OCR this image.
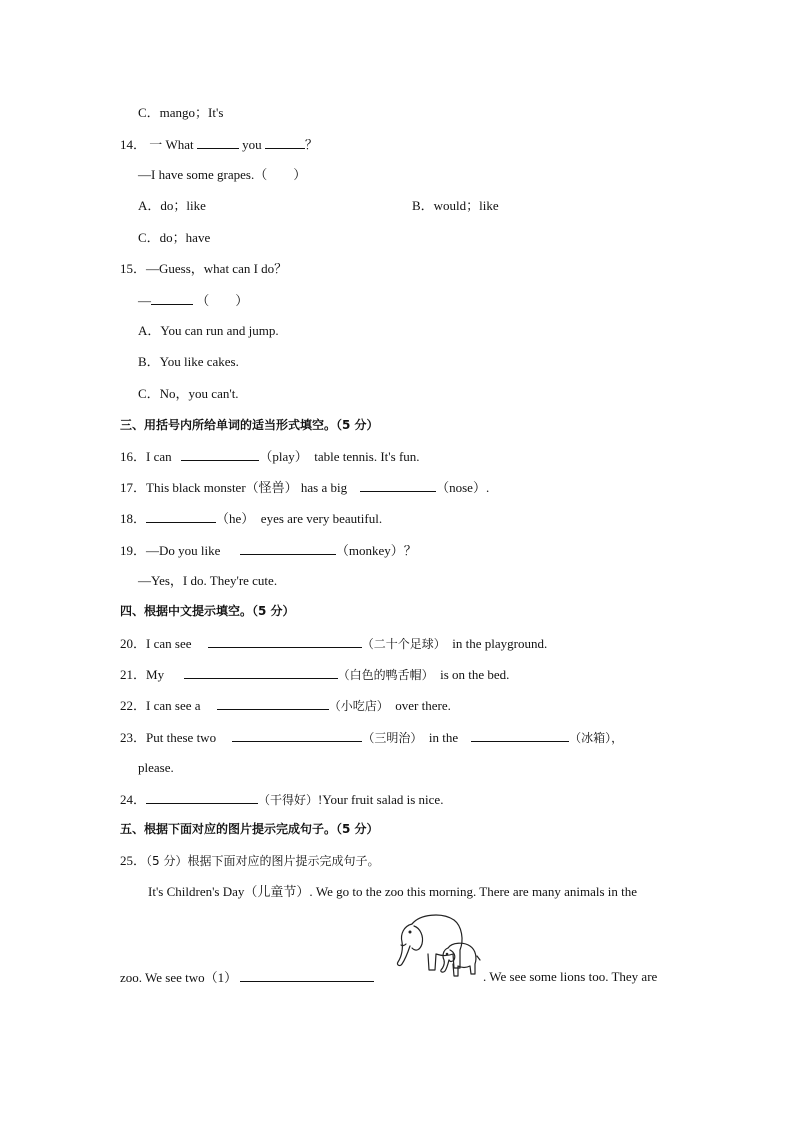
C．mango；It's
14． 一 What	you	？
—I have some grapes.（　　）
A．do；like	B．would；like
C．do；have
15．—Guess，what can I do？
—	（　　）
A．You can run and jump.
B．You like cakes.
C．No，you can't.
三、用括号内所给单词的适当形式填空。（5 分）
16．I can	（play） table tennis. It's fun.
17．This black monster（怪兽） has a big	（nose）.
18．	（he） eyes are very beautiful.
19．—Do you like	（monkey）？
—Yes，I do. They're cute.
四、根据中文提示填空。（5 分）
20．I can see	（二十个足球） in the playground.
21．My	（白色的鸭舌帽） is on the bed.
22．I can see a	（小吃店） over there.
23．Put these two	（三明治） in the	（冰箱），
please.
24．	（干得好）!Your fruit salad is nice.
五、根据下面对应的图片提示完成句子。（5 分）
25．（5 分）根据下面对应的图片提示完成句子。
It's Children's Day（儿童节）. We go to the zoo this morning. There are many animals in the
zoo. We see two（1）	. We see some lions too. They are
